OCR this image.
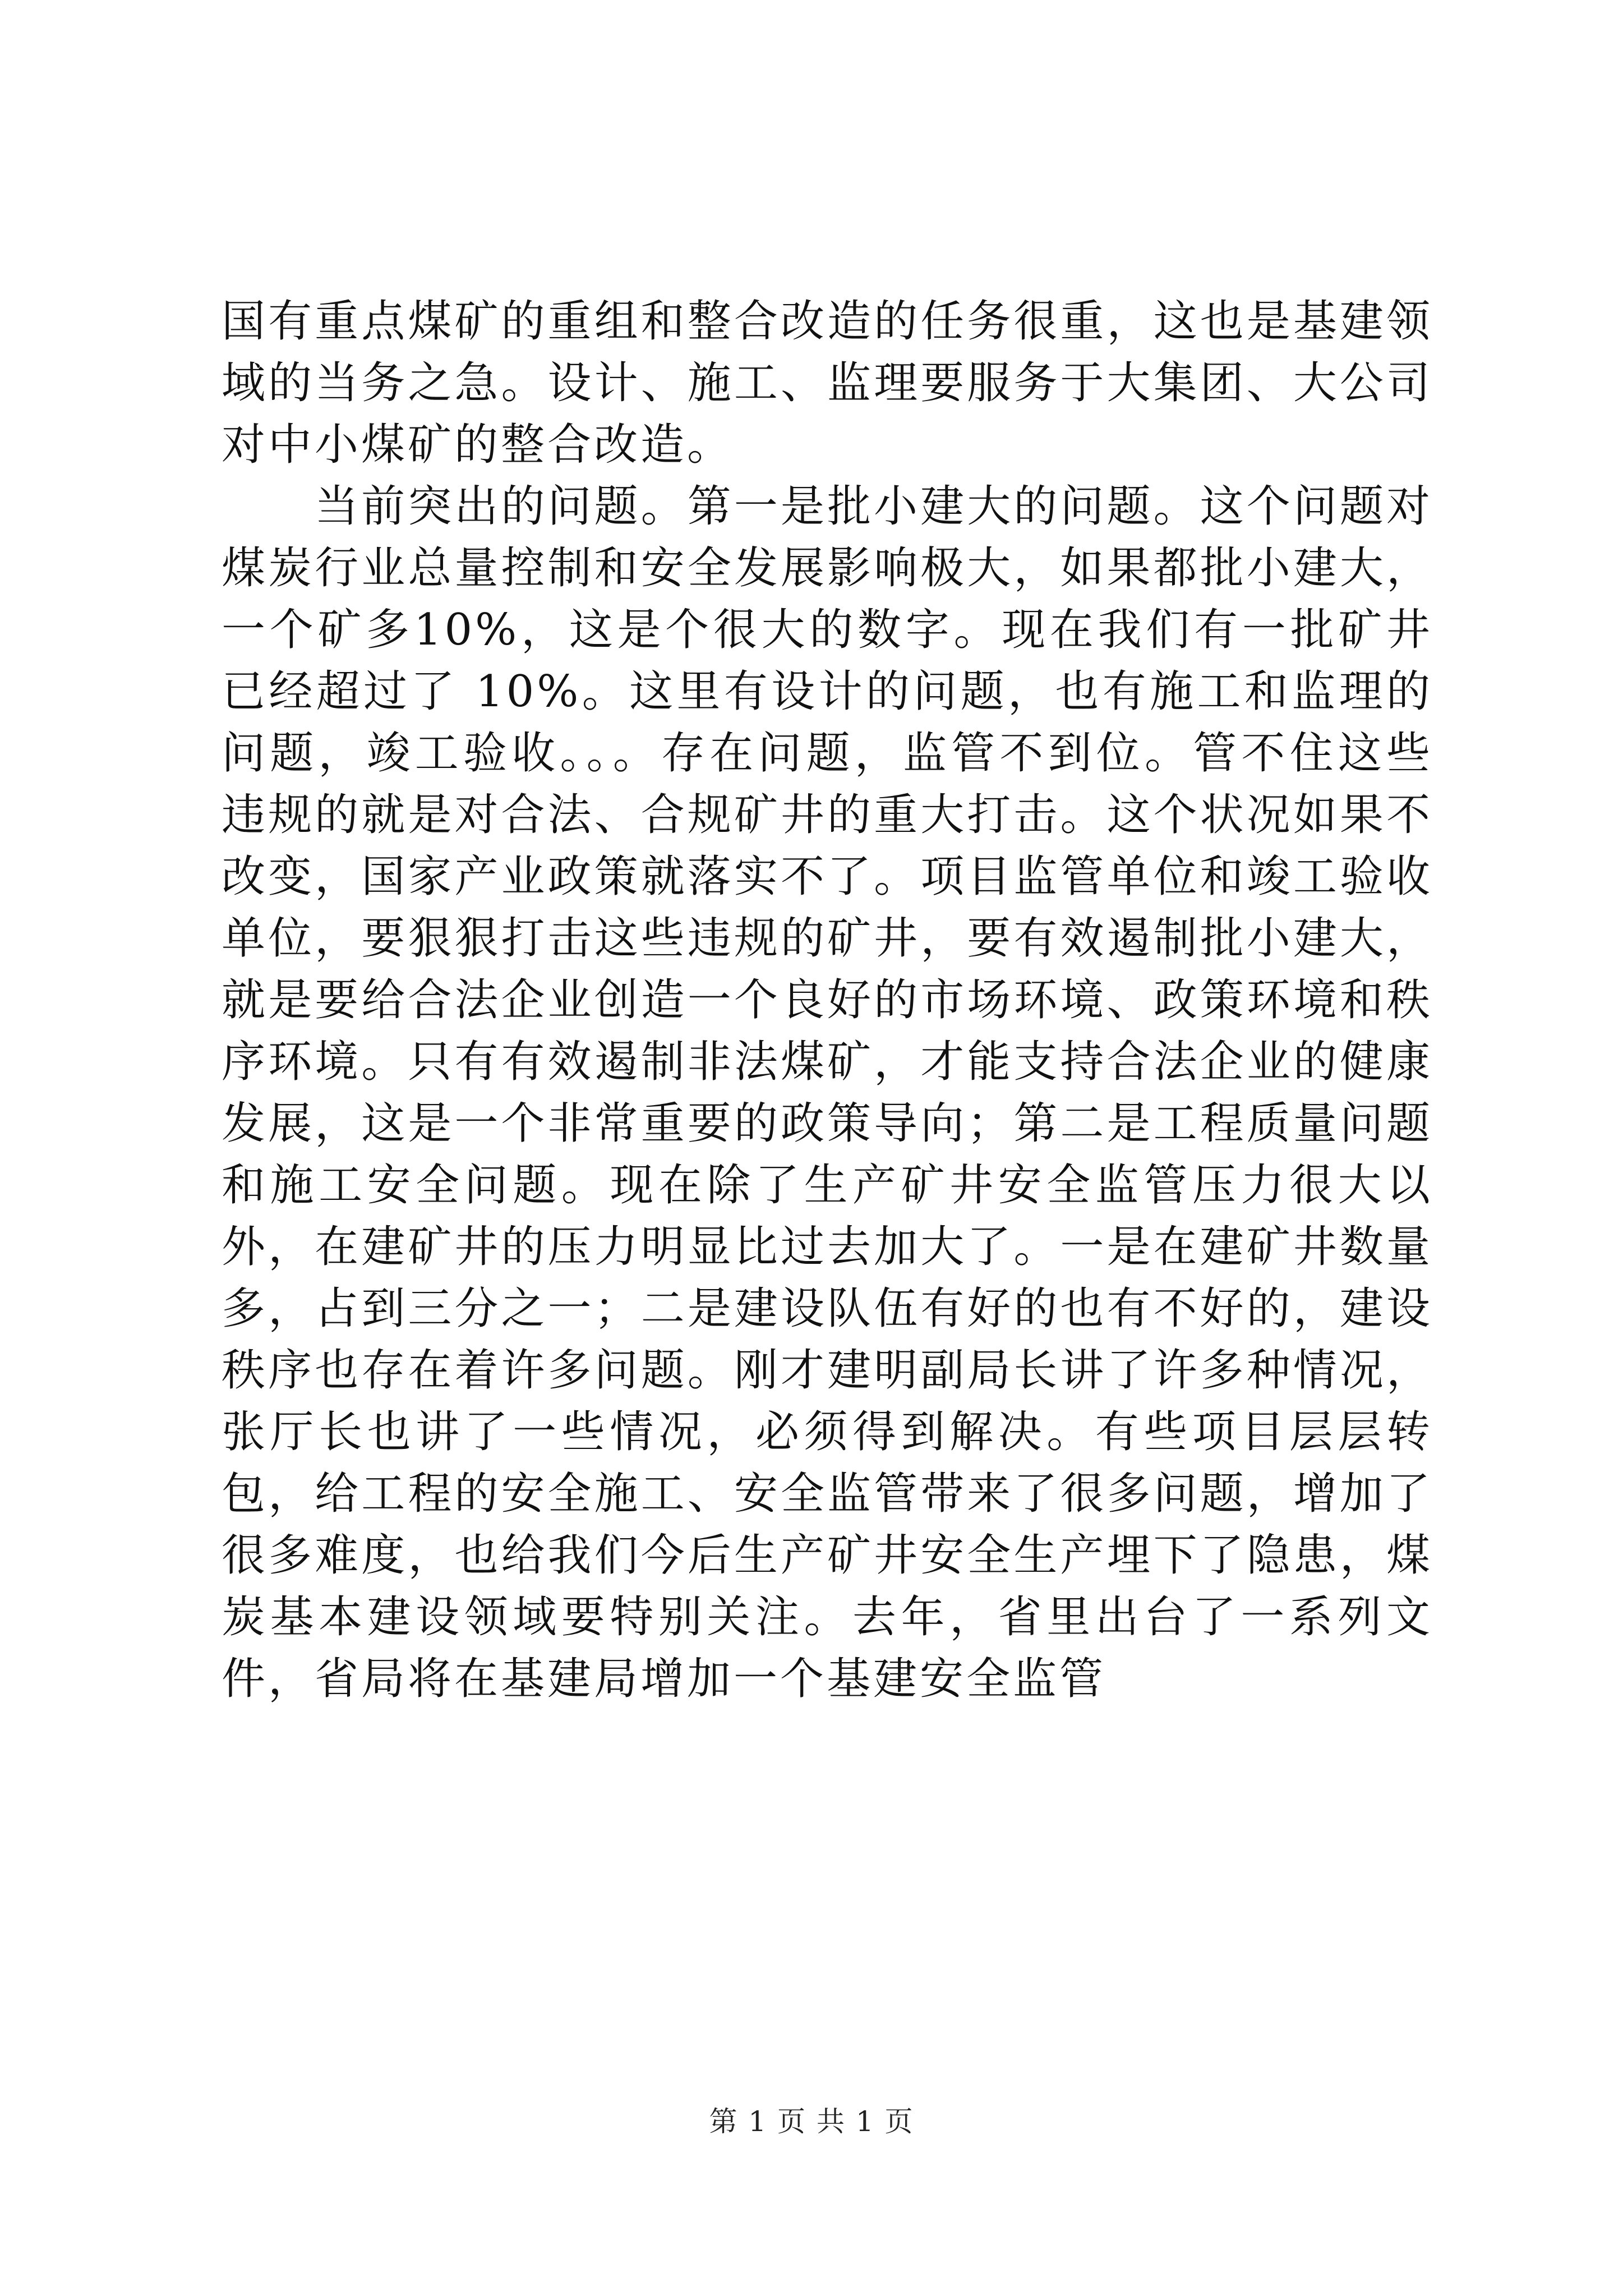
国有重点煤矿的重组和整合改造的任务很重，这也是基建领域的当务之急。设计、施工、监理要服务于大集团、大公司对中小煤矿的整合改造。

当前突出的问题。第一是批小建大的问题。这个问题对煤炭行业总量控制和安全发展影响极大，如果都批小建大，一个矿多10%，这是个很大的数字。现在我们有一批矿井已经超过了 10%。这里有设计的问题，也有施工和监理的问题，竣工验收。。。存在问题，监管不到位。管不住这些违规的就是对合法、合规矿井的重大打击。这个状况如果不改变，国家产业政策就落实不了。项目监管单位和竣工验收单位，要狠狠打击这些违规的矿井，要有效遏制批小建大，就是要给合法企业创造一个良好的市场环境、政策环境和秩序环境。只有有效遏制非法煤矿，才能支持合法企业的健康发展，这是一个非常重要的政策导向；第二是工程质量问题和施工安全问题。现在除了生产矿井安全监管压力很大以外，在建矿井的压力明显比过去加大了。一是在建矿井数量多，占到三分之一；二是建设队伍有好的也有不好的，建设秩序也存在着许多问题。刚才建明副局长讲了许多种情况，张厅长也讲了一些情况，必须得到解决。有些项目层层转包，给工程的安全施工、安全监管带来了很多问题，增加了很多难度，也给我们今后生产矿井安全生产埋下了隐患，煤炭基本建设领域要特别关注。去年，省里出台了一系列文件，省局将在基建局增加一个基建安全监管

第 1 页 共 1 页
